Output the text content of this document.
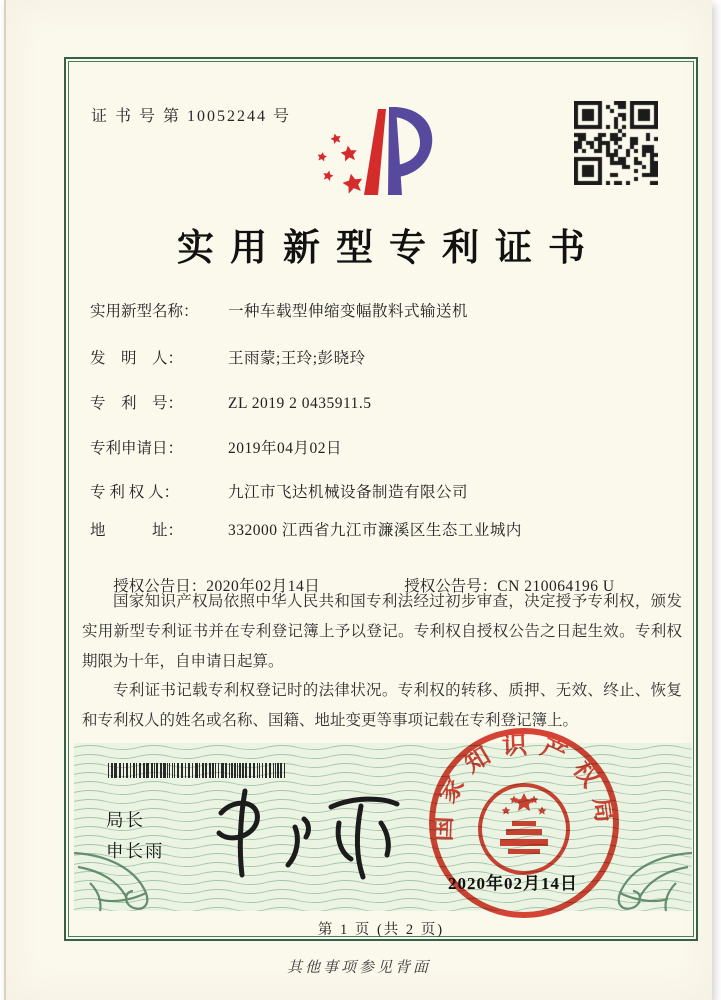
证 书 号 第 10052244 号
实用新型专利证书
实用新型名称： 一种车载型伸缩变幅散料式输送机
发　明　人：	王雨蒙;王玲;彭晓玲
专　利　号：	ZL 2019 2 0435911.5
专利申请日：	2019年04月02日
专 利 权 人：	九江市飞达机械设备制造有限公司
地　　　址：	332000 江西省九江市濂溪区生态工业城内

授权公告日：2020年02月14日	授权公告号：CN 210064196 U

国家知识产权局依照中华人民共和国专利法经过初步审查，决定授予专利权，颁发实用新型专利证书并在专利登记簿上予以登记。专利权自授权公告之日起生效。专利权期限为十年，自申请日起算。

专利证书记载专利权登记时的法律状况。专利权的转移、质押、无效、终止、恢复和专利权人的姓名或名称、国籍、地址变更等事项记载在专利登记簿上。

局长
申长雨
国家知识产权局
2020年02月14日
第 1 页 (共 2 页)
其他事项参见背面
